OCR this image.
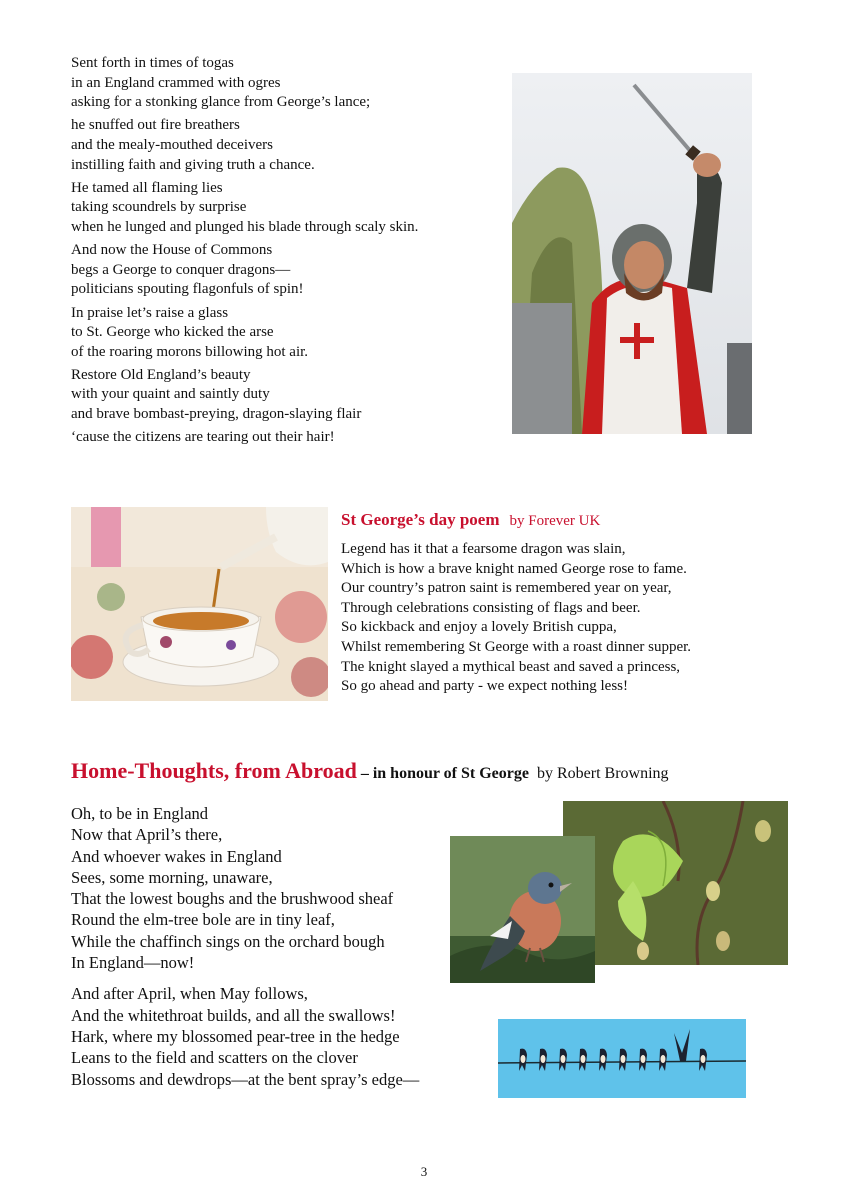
Sent forth in times of togas
in an England crammed with ogres
asking for a stonking glance from George’s lance;
he snuffed out fire breathers
and the mealy-mouthed deceivers
instilling faith and giving truth a chance.
He tamed all flaming lies
taking scoundrels by surprise
when he lunged and plunged his blade through scaly skin.
And now the House of Commons
begs a George to conquer dragons—
politicians spouting flagonfuls of spin!
In praise let’s raise a glass
to St. George who kicked the arse
of the roaring morons billowing hot air.
Restore Old England’s beauty
with your quaint and saintly duty
and brave bombast-preying, dragon-slaying flair
‘cause the citizens are tearing out their hair!
St George’s day poem by Forever UK
Legend has it that a fearsome dragon was slain,
Which is how a brave knight named George rose to fame.
Our country’s patron saint is remembered year on year,
Through celebrations consisting of flags and beer.
So kickback and enjoy a lovely British cuppa,
Whilst remembering St George with a roast dinner supper.
The knight slayed a mythical beast and saved a princess,
So go ahead and party - we expect nothing less!
Home-Thoughts, from Abroad – in honour of St George by Robert Browning
Oh, to be in England
Now that April’s there,
And whoever wakes in England
Sees, some morning, unaware,
That the lowest boughs and the brushwood sheaf
Round the elm-tree bole are in tiny leaf,
While the chaffinch sings on the orchard bough
In England—now!
And after April, when May follows,
And the whitethroat builds, and all the swallows!
Hark, where my blossomed pear-tree in the hedge
Leans to the field and scatters on the clover
Blossoms and dewdrops—at the bent spray’s edge—
3
